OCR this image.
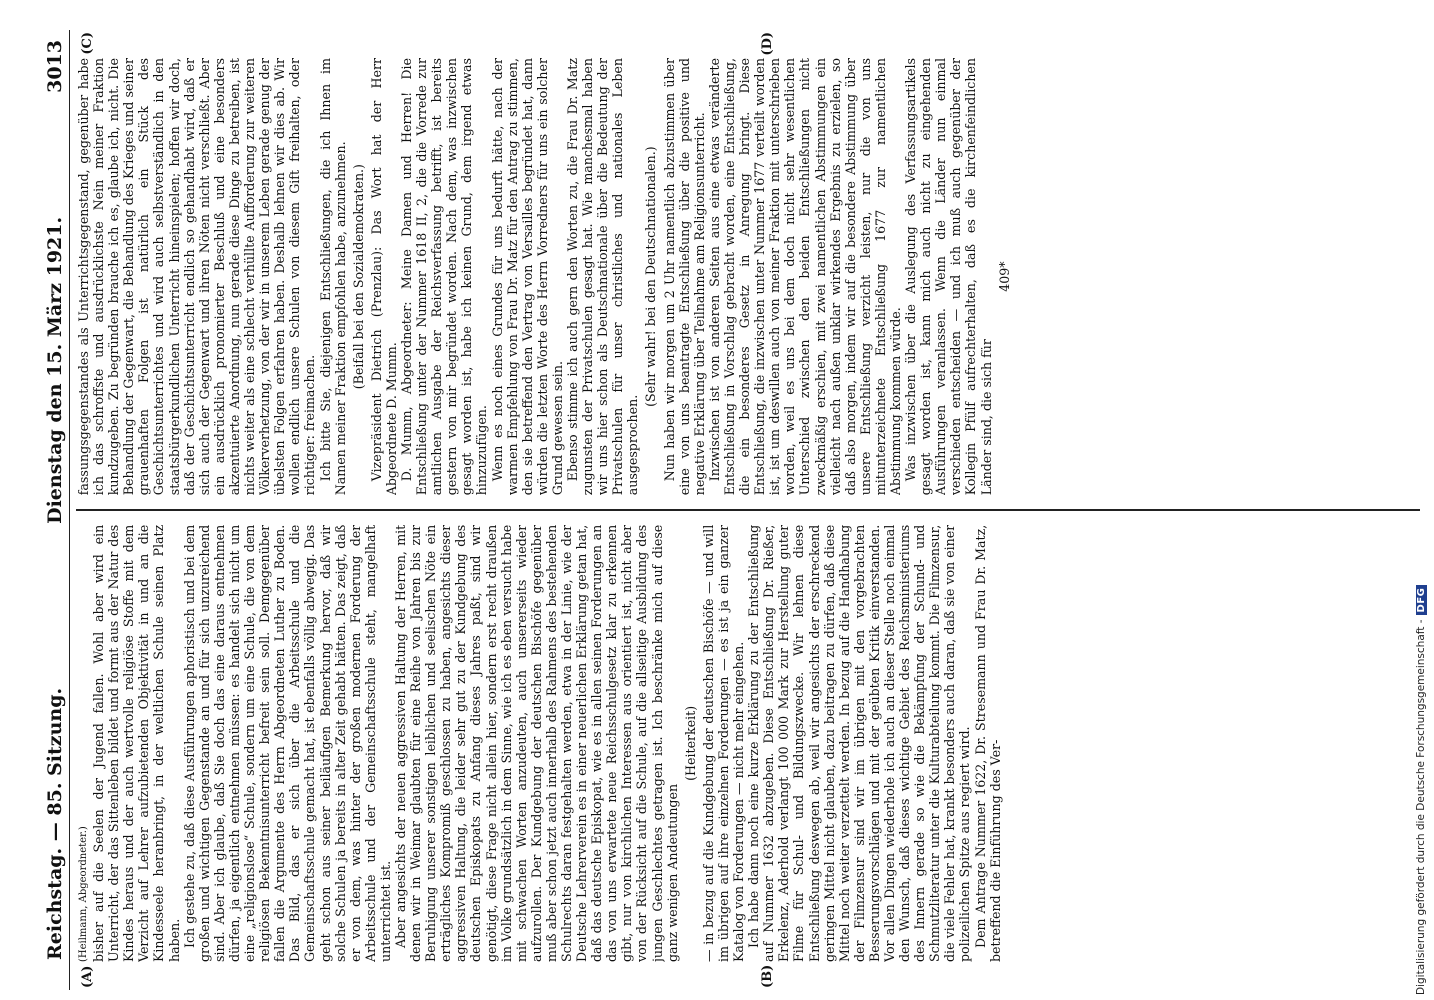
Reichstag. — 85. Sitzung.
Dienstag den 15. März 1921.
3013
(A)	(B)
(C)	(D)

(Heilmann, Abgeordneter.) bisher auf die Seelen der Jugend fallen. Wohl aber wird ein Unterricht, der das Sittenleben bildet und formt aus der Natur des Kindes heraus und der auch wertvolle religiöse Stoffe mit dem Verzicht auf Lehrer aufzubietenden Objektivität in und an die Kindesseele heranbringt, in der weltlichen Schule seinen Platz haben. Ich gestehe zu, daß diese Ausführungen aphoristisch und bei dem großen und wichtigen Gegenstande an und für sich unzureichend sind. Aber ich glaube, daß Sie doch das eine daraus entnehmen dürfen, ja eigentlich entnehmen müssen: es handelt sich nicht um eine „religionslose“ Schule, sondern um eine Schule, die von dem religiösen Bekenntnisunterricht befreit sein soll. Demgegenüber fallen die Argumente des Herrn Abgeordneten Luther zu Boden. Das Bild, das er sich über die Arbeitsschule und die Gemeinschaftsschule gemacht hat, ist ebenfalls völlig abwegig. Das geht schon aus seiner beiläufigen Bemerkung hervor, daß wir solche Schulen ja bereits in alter Zeit gehabt hätten. Das zeigt, daß er von dem, was hinter der großen modernen Forderung der Arbeitsschule und der Gemeinschaftsschule steht, mangelhaft unterrichtet ist. Aber angesichts der neuen aggressiven Haltung der Herren, mit denen wir in Weimar glaubten für eine Reihe von Jahren bis zur Beruhigung unserer sonstigen leiblichen und seelischen Nöte ein erträgliches Kompromiß geschlossen zu haben, angesichts dieser aggressiven Haltung, die leider sehr gut zu der Kundgebung des deutschen Episkopats zu Anfang dieses Jahres paßt, sind wir genötigt, diese Frage nicht allein hier, sondern erst recht draußen im Volke grundsätzlich in dem Sinne, wie ich es eben versucht habe mit schwachen Worten anzudeuten, auch unsererseits wieder aufzurollen. Der Kundgebung der deutschen Bischöfe gegenüber muß aber schon jetzt auch innerhalb des Rahmens des bestehenden Schulrechts daran festgehalten werden, etwa in der Linie, wie der Deutsche Lehrerverein es in einer neuerlichen Erklärung getan hat, daß das deutsche Episkopat, wie es in allen seinen Forderungen an das von uns erwartete neue Reichsschulgesetz klar zu erkennen gibt, nur von kirchlichen Interessen aus orientiert ist, nicht aber von der Rücksicht auf die Schule, auf die allseitige Ausbildung des jungen Geschlechtes getragen ist. Ich beschränke mich auf diese ganz wenigen Andeutungen

(Heiterkeit) — in bezug auf die Kundgebung der deutschen Bischöfe — und will im übrigen auf ihre einzelnen Forderungen — es ist ja ein ganzer Katalog von Forderungen — nicht mehr eingehen. Ich habe dann noch eine kurze Erklärung zu der Entschließung auf Nummer 1632 abzugeben. Diese Entschließung Dr. Rießer, Erkelenz, Aderhold verlangt 100 000 Mark zur Herstellung guter Filme für Schul- und Bildungszwecke. Wir lehnen diese Entschließung deswegen ab, weil wir angesichts der erschreckend geringen Mittel nicht glauben, dazu beitragen zu dürfen, daß diese Mittel noch weiter verzettelt werden. In bezug auf die Handhabung der Filmzensur sind wir im übrigen mit den vorgebrachten Besserungsvorschlägen und mit der geübten Kritik einverstanden. Vor allen Dingen wiederhole ich auch an dieser Stelle noch einmal den Wunsch, daß dieses wichtige Gebiet des Reichsministeriums des Innern gerade so wie die Bekämpfung der Schund- und Schmutzliteratur unter die Kulturabteilung kommt. Die Filmzensur, die viele Fehler hat, krankt besonders auch daran, daß sie von einer polizeilichen Spitze aus regiert wird. Dem Antrage Nummer 1622, Dr. Stresemann und Frau Dr. Matz, betreffend die Einführung des Ver-

fassungsgegenstandes als Unterrichtsgegenstand, gegenüber habe ich das schroffste und ausdrücklichste Nein meiner Fraktion kundzugeben. Zu begründen brauche ich es, glaube ich, nicht. Die Behandlung der Gegenwart, die Behandlung des Krieges und seiner grauenhaften Folgen ist natürlich ein Stück des Geschichtsunterrichtes und wird auch selbstverständlich in den staatsbürgerkundlichen Unterricht hineinspielen; hoffen wir doch, daß der Geschichtsunterricht endlich so gehandhabt wird, daß er sich auch der Gegenwart und ihren Nöten nicht verschließt. Aber ein ausdrücklich pronomierter Beschluß und eine besonders akzentuierte Anordnung, nun gerade diese Dinge zu betreiben, ist nichts weiter als eine schlecht verhüllte Aufforderung zur weiteren Völkerverhetzung, von der wir in unserem Leben gerade genug der übelsten Folgen erfahren haben. Deshalb lehnen wir dies ab. Wir wollen endlich unsere Schulen von diesem Gift freihalten, oder richtiger: freimachen. Ich bitte Sie, diejenigen Entschließungen, die ich Ihnen im Namen meiner Fraktion empfohlen habe, anzunehmen. (Beifall bei den Sozialdemokraten.) Vizepräsident Dietrich (Prenzlau): Das Wort hat der Herr Abgeordnete D. Mumm. D. Mumm, Abgeordneter: Meine Damen und Herren! Die Entschließung unter der Nummer 1618 II, 2, die die Vorrede zur amtlichen Ausgabe der Reichsverfassung betrifft, ist bereits gestern von mir begründet worden. Nach dem, was inzwischen gesagt worden ist, habe ich keinen Grund, dem irgend etwas hinzuzufügen. Wenn es noch eines Grundes für uns bedurft hätte, nach der warmen Empfehlung von Frau Dr. Matz für den Antrag zu stimmen, den sie betreffend den Vertrag von Versailles begründet hat, dann würden die letzten Worte des Herrn Vorredners für uns ein solcher Grund gewesen sein. Ebenso stimme ich auch gern den Worten zu, die Frau Dr. Matz zugunsten der Privatschulen gesagt hat. Wie manchesmal haben wir uns hier schon als Deutschnationale über die Bedeutung der Privatschulen für unser christliches und nationales Leben ausgesprochen.

(Sehr wahr! bei den Deutschnationalen.) Nun haben wir morgen um 2 Uhr namentlich abzustimmen über eine von uns beantragte Entschließung über die positive und negative Erklärung über Teilnahme am Religionsunterricht. Inzwischen ist von anderen Seiten aus eine etwas veränderte Entschließung in Vorschlag gebracht worden, eine Entschließung, die ein besonderes Gesetz in Anregung bringt. Diese Entschließung, die inzwischen unter Nummer 1677 verteilt worden ist, ist um deswillen auch von meiner Fraktion mit unterschrieben worden, weil es uns bei dem doch nicht sehr wesentlichen Unterschied zwischen den beiden Entschließungen nicht zweckmäßig erschien, mit zwei namentlichen Abstimmungen ein vielleicht nach außen unklar wirkendes Ergebnis zu erzielen, so daß also morgen, indem wir auf die besondere Abstimmung über unsere Entschließung verzicht leisten, nur die von uns mitunterzeichnete Entschließung 1677 zur namentlichen Abstimmung kommen würde. Was inzwischen über die Auslegung des Verfassungsartikels gesagt worden ist, kann mich auch nicht zu eingehenden Ausführungen veranlassen. Wenn die Länder nun einmal verschieden entscheiden — und ich muß auch gegenüber der Kollegin Pfülf aufrechterhalten, daß es die kirchenfeindlichen Länder sind, die sich für

409*

Digitalisierung gefördert durch die Deutsche Forschungsgemeinschaft -
DFG
